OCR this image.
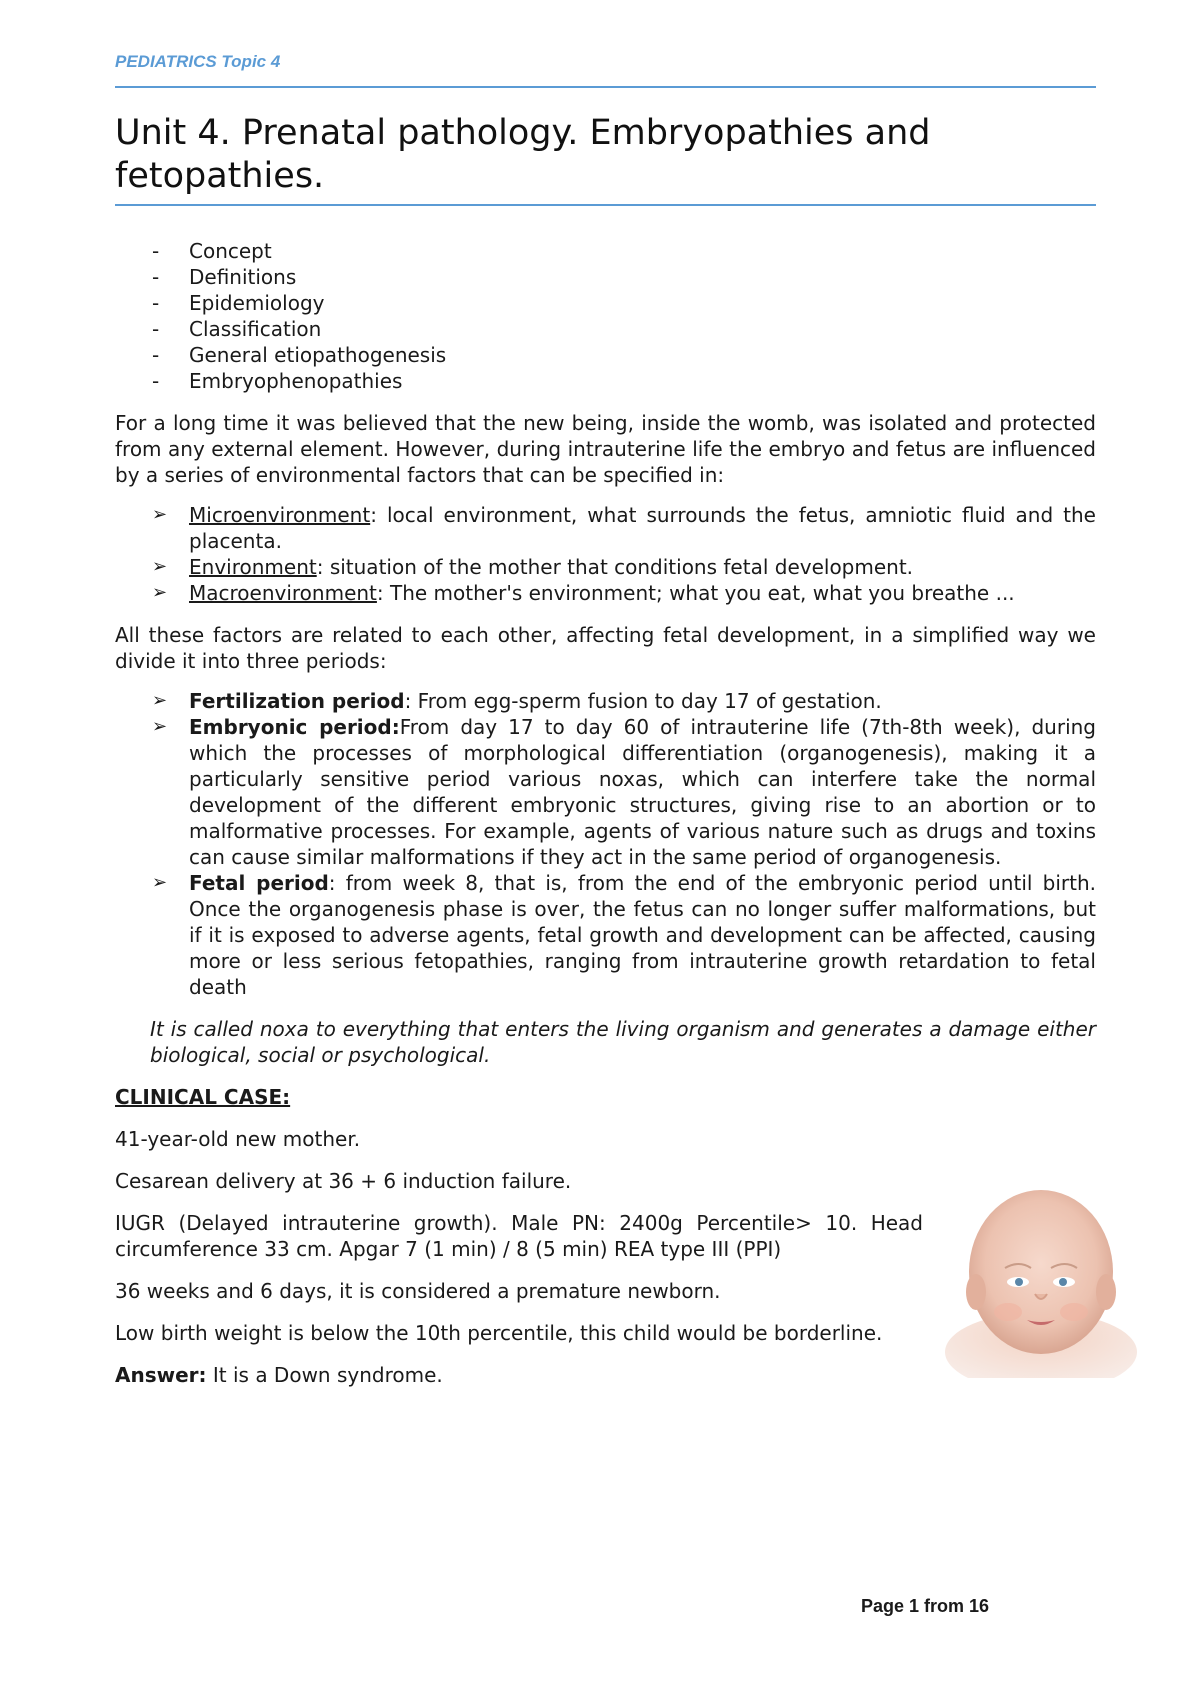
PEDIATRICS Topic 4
Unit 4. Prenatal pathology. Embryopathies and fetopathies.
- Concept
- Definitions
- Epidemiology
- Classification
- General etiopathogenesis
- Embryophenopathies

For a long time it was believed that the new being, inside the womb, was isolated and protected from any external element. However, during intrauterine life the embryo and fetus are influenced by a series of environmental factors that can be specified in:

➢ Microenvironment: local environment, what surrounds the fetus, amniotic fluid and the placenta.
➢ Environment: situation of the mother that conditions fetal development.
➢ Macroenvironment: The mother's environment; what you eat, what you breathe ...

All these factors are related to each other, affecting fetal development, in a simplified way we divide it into three periods:

➢ Fertilization period: From egg-sperm fusion to day 17 of gestation.
➢ Embryonic period:From day 17 to day 60 of intrauterine life (7th-8th week), during which the processes of morphological differentiation (organogenesis), making it a particularly sensitive period various noxas, which can interfere take the normal development of the different embryonic structures, giving rise to an abortion or to malformative processes. For example, agents of various nature such as drugs and toxins can cause similar malformations if they act in the same period of organogenesis.
➢ Fetal period: from week 8, that is, from the end of the embryonic period until birth. Once the organogenesis phase is over, the fetus can no longer suffer malformations, but if it is exposed to adverse agents, fetal growth and development can be affected, causing more or less serious fetopathies, ranging from intrauterine growth retardation to fetal death

It is called noxa to everything that enters the living organism and generates a damage either biological, social or psychological.

CLINICAL CASE:

41-year-old new mother.

Cesarean delivery at 36 + 6 induction failure.

IUGR (Delayed intrauterine growth). Male PN: 2400g Percentile> 10. Head circumference 33 cm. Apgar 7 (1 min) / 8 (5 min) REA type III (PPI)

36 weeks and 6 days, it is considered a premature newborn.

Low birth weight is below the 10th percentile, this child would be borderline.

Answer: It is a Down syndrome.

Page 1 from 16
